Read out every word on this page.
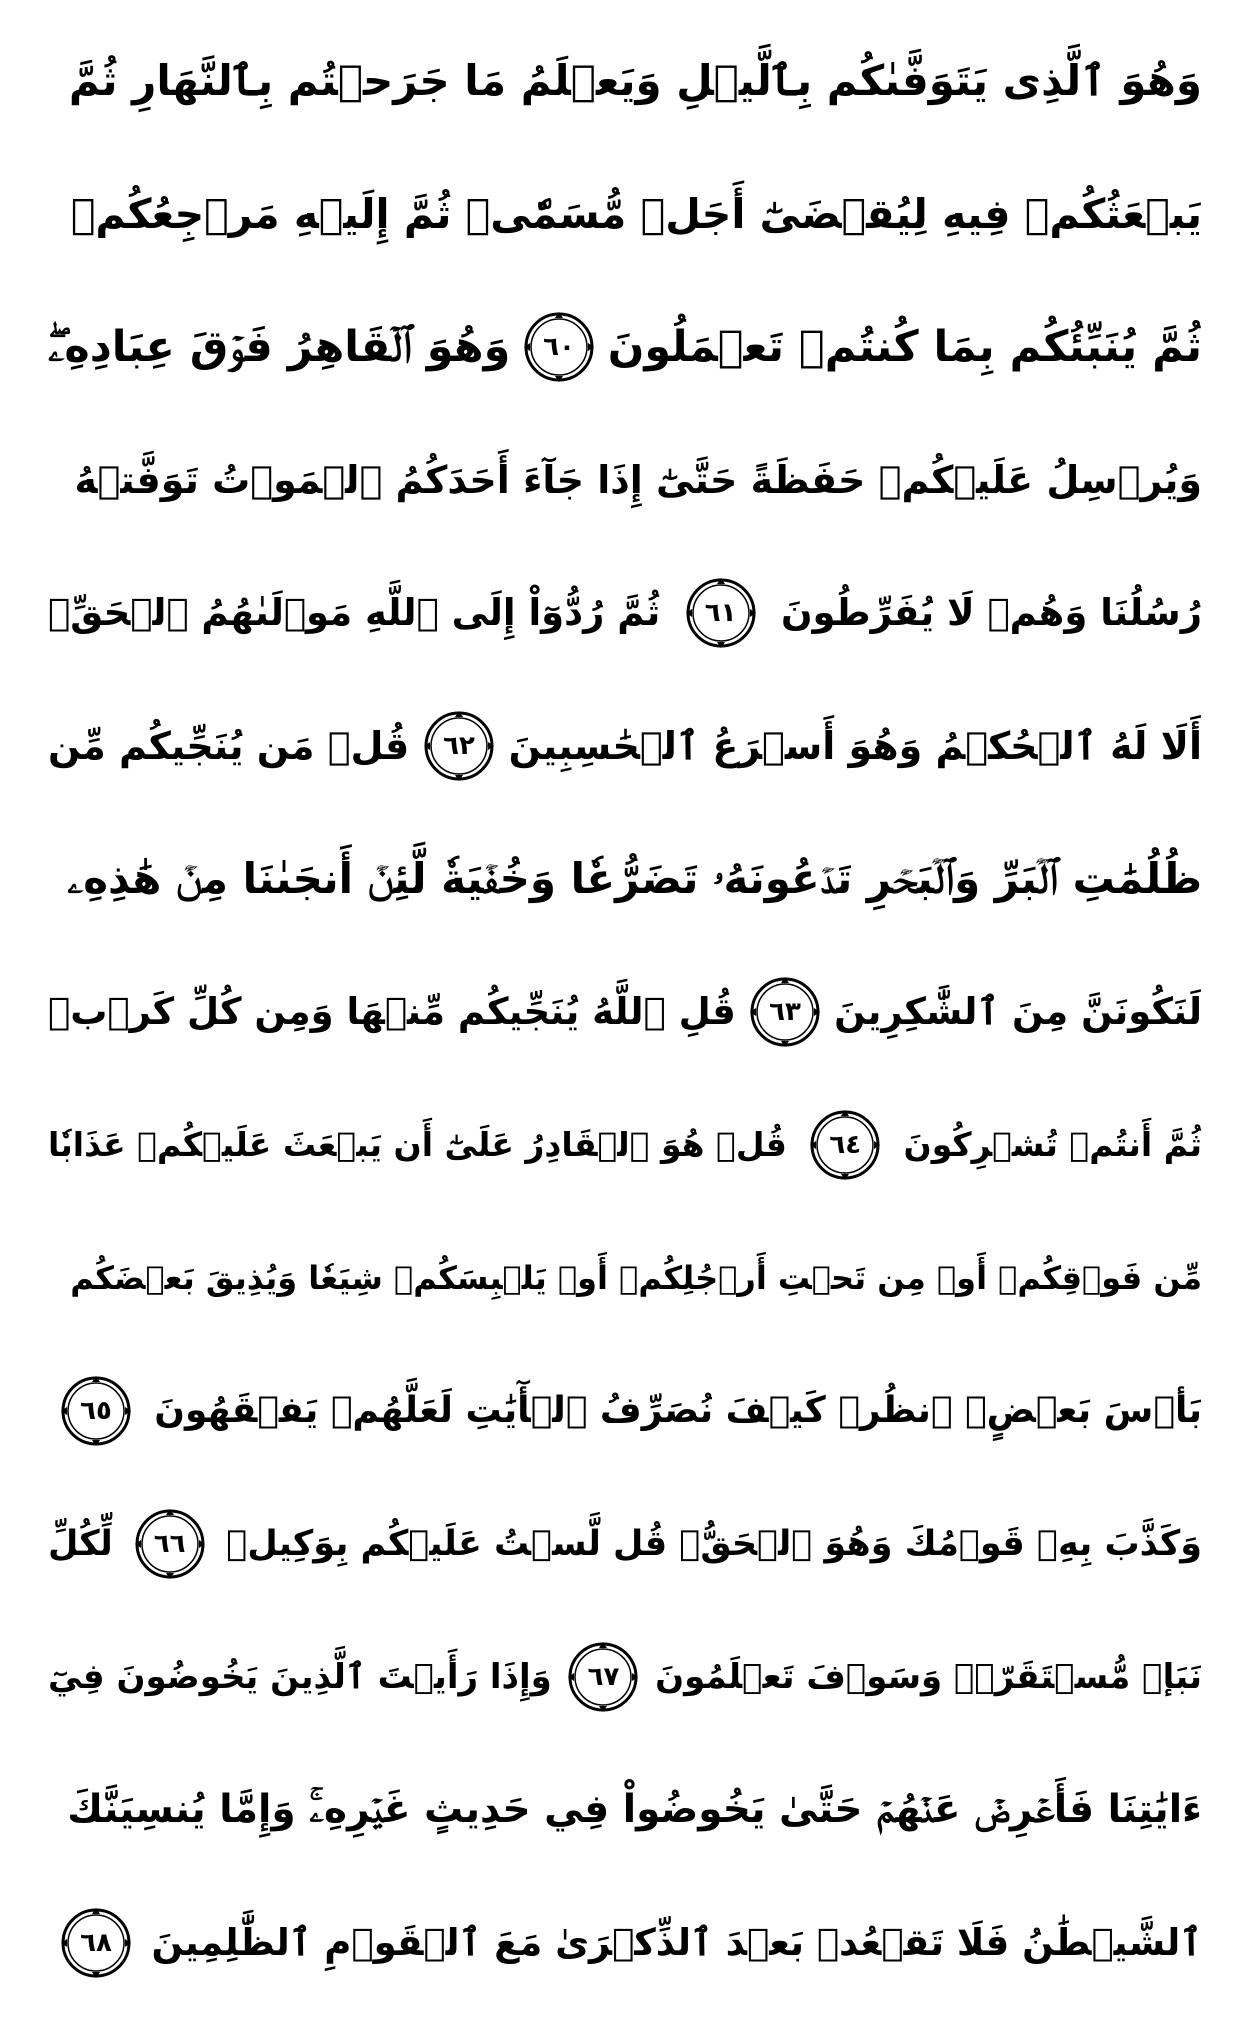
وَهُوَ ٱلَّذِى يَتَوَفَّىٰكُم بِٱلَّيۡلِ وَيَعۡلَمُ مَا جَرَحۡتُم بِٱلنَّهَارِ ثُمَّ
يَبۡعَثُكُمۡ فِيهِ لِيُقۡضَىٰٓ أَجَلٞ مُّسَمّٗىۖ ثُمَّ إِلَيۡهِ مَرۡجِعُكُمۡ
ثُمَّ يُنَبِّئُكُم بِمَا كُنتُمۡ تَعۡمَلُونَ
٦٠
وَهُوَ ٱلۡقَاهِرُ فَوۡقَ عِبَادِهِۦۖ
وَيُرۡسِلُ عَلَيۡكُمۡ حَفَظَةً حَتَّىٰٓ إِذَا جَآءَ أَحَدَكُمُ ٱلۡمَوۡتُ تَوَفَّتۡهُ
رُسُلُنَا وَهُمۡ لَا يُفَرِّطُونَ
٦١
ثُمَّ رُدُّوٓاْ إِلَى ٱللَّهِ مَوۡلَىٰهُمُ ٱلۡحَقِّۚ
أَلَا لَهُ ٱلۡحُكۡمُ وَهُوَ أَسۡرَعُ ٱلۡحَٰسِبِينَ
٦٢
قُلۡ مَن يُنَجِّيكُم مِّن
ظُلُمَٰتِ ٱلۡبَرِّ وَٱلۡبَحۡرِ تَدۡعُونَهُۥ تَضَرُّعٗا وَخُفۡيَةٗ لَّئِنۡ أَنجَىٰنَا مِنۡ هَٰذِهِۦ
لَنَكُونَنَّ مِنَ ٱلشَّٰكِرِينَ
٦٣
قُلِ ٱللَّهُ يُنَجِّيكُم مِّنۡهَا وَمِن كُلِّ كَرۡبٖ
ثُمَّ أَنتُمۡ تُشۡرِكُونَ
٦٤
قُلۡ هُوَ ٱلۡقَادِرُ عَلَىٰٓ أَن يَبۡعَثَ عَلَيۡكُمۡ عَذَابٗا
مِّن فَوۡقِكُمۡ أَوۡ مِن تَحۡتِ أَرۡجُلِكُمۡ أَوۡ يَلۡبِسَكُمۡ شِيَعٗا وَيُذِيقَ بَعۡضَكُم
بَأۡسَ بَعۡضٍۗ ٱنظُرۡ كَيۡفَ نُصَرِّفُ ٱلۡأٓيَٰتِ لَعَلَّهُمۡ يَفۡقَهُونَ
٦٥
وَكَذَّبَ بِهِۦ قَوۡمُكَ وَهُوَ ٱلۡحَقُّۚ قُل لَّسۡتُ عَلَيۡكُم بِوَكِيلٖ
٦٦
لِّكُلِّ
نَبَإٖ مُّسۡتَقَرّٞۚ وَسَوۡفَ تَعۡلَمُونَ
٦٧
وَإِذَا رَأَيۡتَ ٱلَّذِينَ يَخُوضُونَ فِيٓ
ءَايَٰتِنَا فَأَعۡرِضۡ عَنۡهُمۡ حَتَّىٰ يَخُوضُواْ فِي حَدِيثٍ غَيۡرِهِۦۚ وَإِمَّا يُنسِيَنَّكَ
ٱلشَّيۡطَٰنُ فَلَا تَقۡعُدۡ بَعۡدَ ٱلذِّكۡرَىٰ مَعَ ٱلۡقَوۡمِ ٱلظَّٰلِمِينَ
٦٨
